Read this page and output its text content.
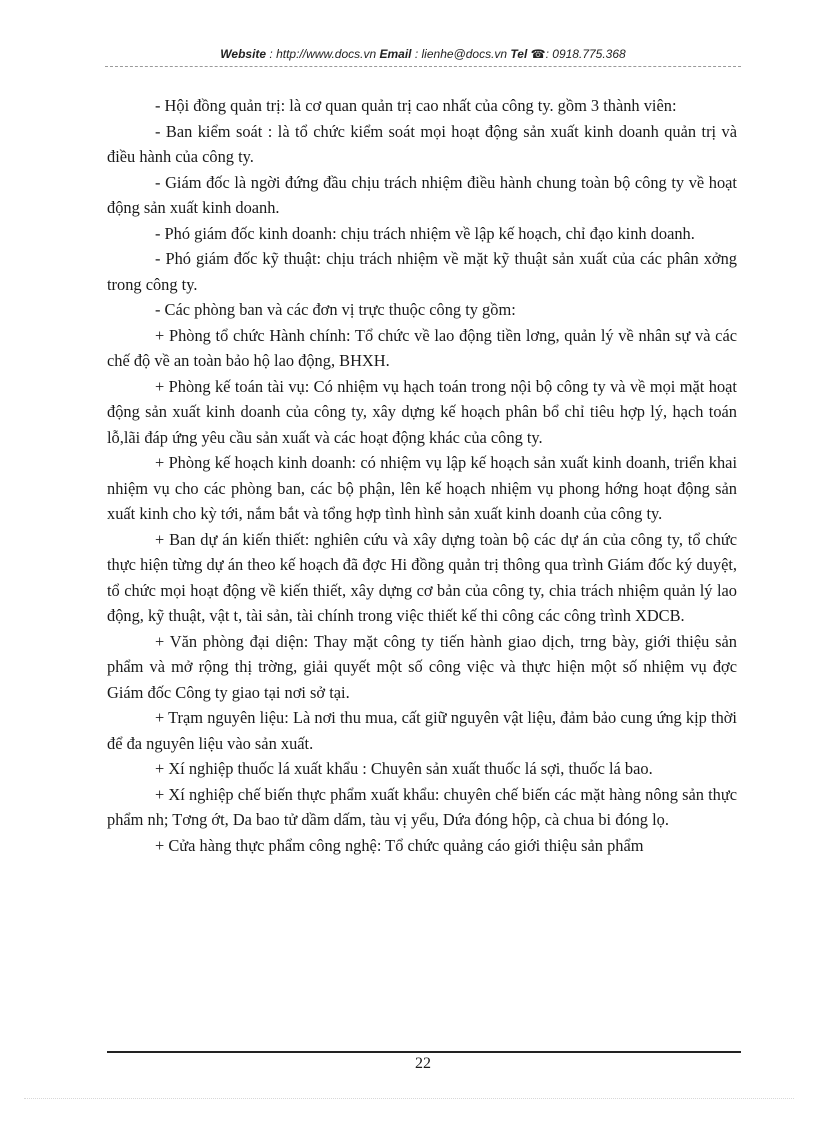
Website : http://www.docs.vn Email : lienhe@docs.vn Tel ☎: 0918.775.368

- Hội đồng quản trị: là cơ quan quản trị cao nhất của công ty. gồm 3 thành viên:

- Ban kiểm soát : là tổ chức kiểm soát mọi hoạt động sản xuất kinh doanh quản trị và điều hành của công ty.

- Giám đốc là ngời đứng đầu chịu trách nhiệm điều hành chung toàn bộ công ty về hoạt động sản xuất kinh doanh.

- Phó giám đốc kinh doanh: chịu trách nhiệm về lập kế hoạch, chỉ đạo kinh doanh.

- Phó giám đốc kỹ thuật: chịu trách nhiệm về mặt kỹ thuật sản xuất của các phân xởng trong công ty.

- Các phòng ban và các đơn vị trực thuộc công ty gồm:

+ Phòng tổ chức Hành chính: Tổ chức về lao động tiền lơng, quản lý về nhân sự và các chế độ về an toàn bảo hộ lao động, BHXH.

+ Phòng kế toán tài vụ: Có nhiệm vụ hạch toán trong nội bộ công ty và về mọi mặt hoạt động sản xuất kinh doanh của công ty, xây dựng kế hoạch phân bổ chỉ tiêu hợp lý, hạch toán lỗ,lãi đáp ứng yêu cầu sản xuất và các hoạt động khác của công ty.

+ Phòng kế hoạch kinh doanh: có nhiệm vụ lập kế hoạch sản xuất kinh doanh, triển khai nhiệm vụ cho các phòng ban, các bộ phận, lên kế hoạch nhiệm vụ phong hớng hoạt động sản xuất kinh cho kỳ tới, nắm bắt và tổng hợp tình hình sản xuất kinh doanh của công ty.

+ Ban dự án kiến thiết: nghiên cứu và xây dựng toàn bộ các dự án của công ty, tổ chức thực hiện từng dự án theo kế hoạch đã đợc Hi đồng quản trị thông qua trình Giám đốc ký duyệt, tổ chức mọi hoạt động về kiến thiết, xây dựng cơ bản của công ty, chia trách nhiệm quản lý lao động, kỹ thuật, vật t, tài sản, tài chính trong việc thiết kế thi công các công trình XDCB.

+ Văn phòng đại diện: Thay mặt công ty tiến hành giao dịch, trng bày, giới thiệu sản phẩm và mở rộng thị trờng, giải quyết một số công việc và thực hiện một số nhiệm vụ đợc Giám đốc Công ty giao tại nơi sở tại.

+ Trạm nguyên liệu: Là nơi thu mua, cất giữ nguyên vật liệu, đảm bảo cung ứng kịp thời để đa nguyên liệu vào sản xuất.

+ Xí nghiệp thuốc lá xuất khẩu : Chuyên sản xuất thuốc lá sợi, thuốc lá bao.

+ Xí nghiệp chế biến thực phẩm xuất khẩu: chuyên chế biến các mặt hàng nông sản thực phẩm nh; Tơng ớt, Da bao tử dầm dấm, tàu vị yểu, Dứa đóng hộp, cà chua bi đóng lọ.

+ Cửa hàng thực phẩm công nghệ: Tổ chức quảng cáo giới thiệu sản phẩm

22
